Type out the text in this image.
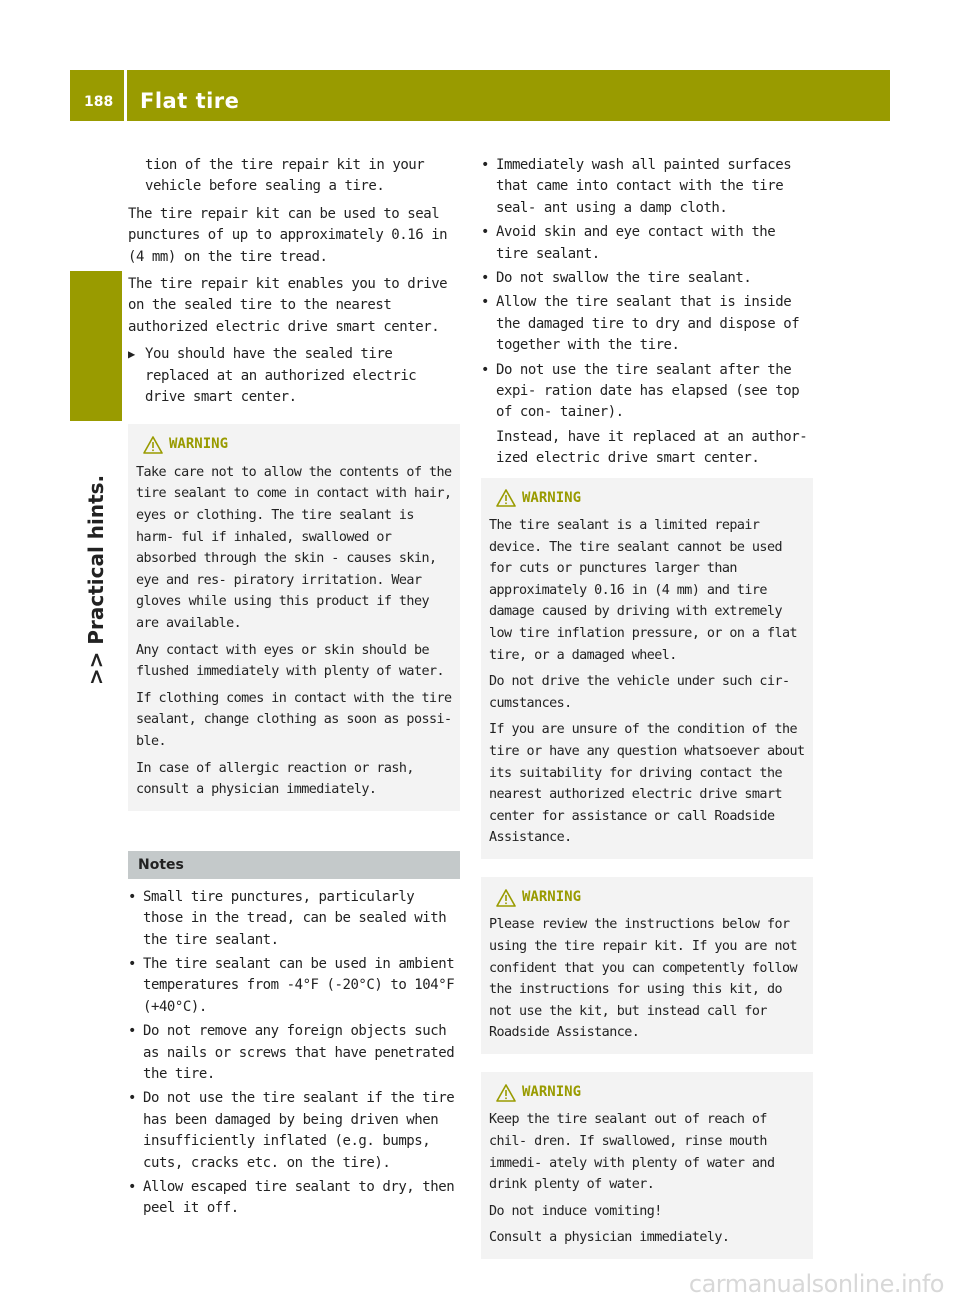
188 Flat tire
>> Practical hints.
tion of the tire repair kit in your vehicle before sealing a tire.
The tire repair kit can be used to seal punctures of up to approximately 0.16 in (4 mm) on the tire tread.
The tire repair kit enables you to drive on the sealed tire to the nearest authorized electric drive smart center.
▶ You should have the sealed tire replaced at an authorized electric drive smart center.
WARNING
Take care not to allow the contents of the tire sealant to come in contact with hair, eyes or clothing. The tire sealant is harm- ful if inhaled, swallowed or absorbed through the skin - causes skin, eye and res- piratory irritation. Wear gloves while using this product if they are available.
Any contact with eyes or skin should be flushed immediately with plenty of water.
If clothing comes in contact with the tire sealant, change clothing as soon as possi- ble.
In case of allergic reaction or rash, consult a physician immediately.
Notes
• Small tire punctures, particularly those in the tread, can be sealed with the tire sealant.
• The tire sealant can be used in ambient temperatures from -4°F (-20°C) to 104°F (+40°C).
• Do not remove any foreign objects such as nails or screws that have penetrated the tire.
• Do not use the tire sealant if the tire has been damaged by being driven when insufficiently inflated (e.g. bumps, cuts, cracks etc. on the tire).
• Allow escaped tire sealant to dry, then peel it off.
• Immediately wash all painted surfaces that came into contact with the tire seal- ant using a damp cloth.
• Avoid skin and eye contact with the tire sealant.
• Do not swallow the tire sealant.
• Allow the tire sealant that is inside the damaged tire to dry and dispose of together with the tire.
• Do not use the tire sealant after the expi- ration date has elapsed (see top of con- tainer).
Instead, have it replaced at an author- ized electric drive smart center.
WARNING
The tire sealant is a limited repair device. The tire sealant cannot be used for cuts or punctures larger than approximately 0.16 in (4 mm) and tire damage caused by driving with extremely low tire inflation pressure, or on a flat tire, or a damaged wheel.
Do not drive the vehicle under such cir- cumstances.
If you are unsure of the condition of the tire or have any question whatsoever about its suitability for driving contact the nearest authorized electric drive smart center for assistance or call Roadside Assistance.
WARNING
Please review the instructions below for using the tire repair kit. If you are not confident that you can competently follow the instructions for using this kit, do not use the kit, but instead call for Roadside Assistance.
WARNING
Keep the tire sealant out of reach of chil- dren. If swallowed, rinse mouth immedi- ately with plenty of water and drink plenty of water.
Do not induce vomiting!
Consult a physician immediately.
carmanualsonline.info
